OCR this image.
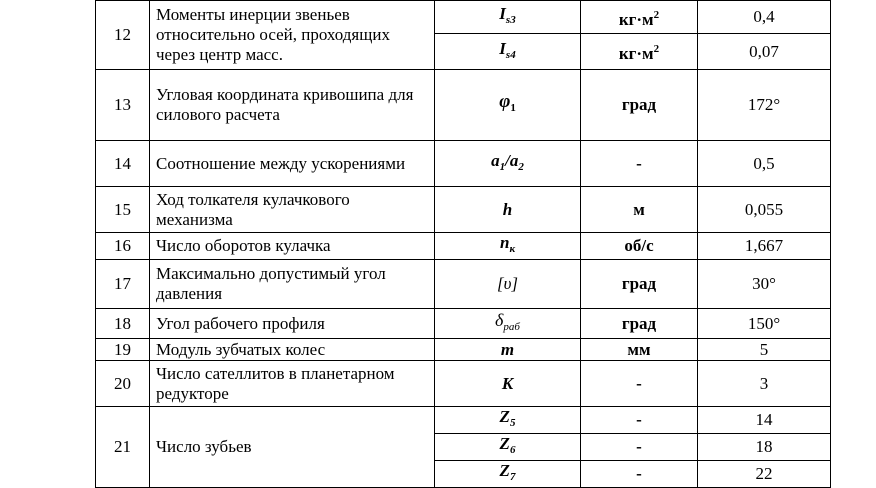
12	Моменты инерции звеньев относительно осей, проходящих через центр масс.	$I_{s3}$	$кг\cdot м^2$	0,4
		$I_{s4}$	$кг\cdot м^2$	0,07
13	Угловая координата кривошипа для силового расчета	$\varphi_1$	град	172°
14	Соотношение между ускорениями	$a_1/a_2$	-	0,5
15	Ход толкателя кулачкового механизма	h	м	0,055
16	Число оборотов кулачка	$n_к$	об/с	1,667
17	Максимально допустимый угол давления	[υ]	град	30°
18	Угол рабочего профиля	$\delta_{раб}$	град	150°
19	Модуль зубчатых колес	m	мм	5
20	Число сателлитов в планетарном редукторе	K	-	3
21	Число зубьев	$Z_5$	-	14
		$Z_6$	-	18
		$Z_7$	-	22
